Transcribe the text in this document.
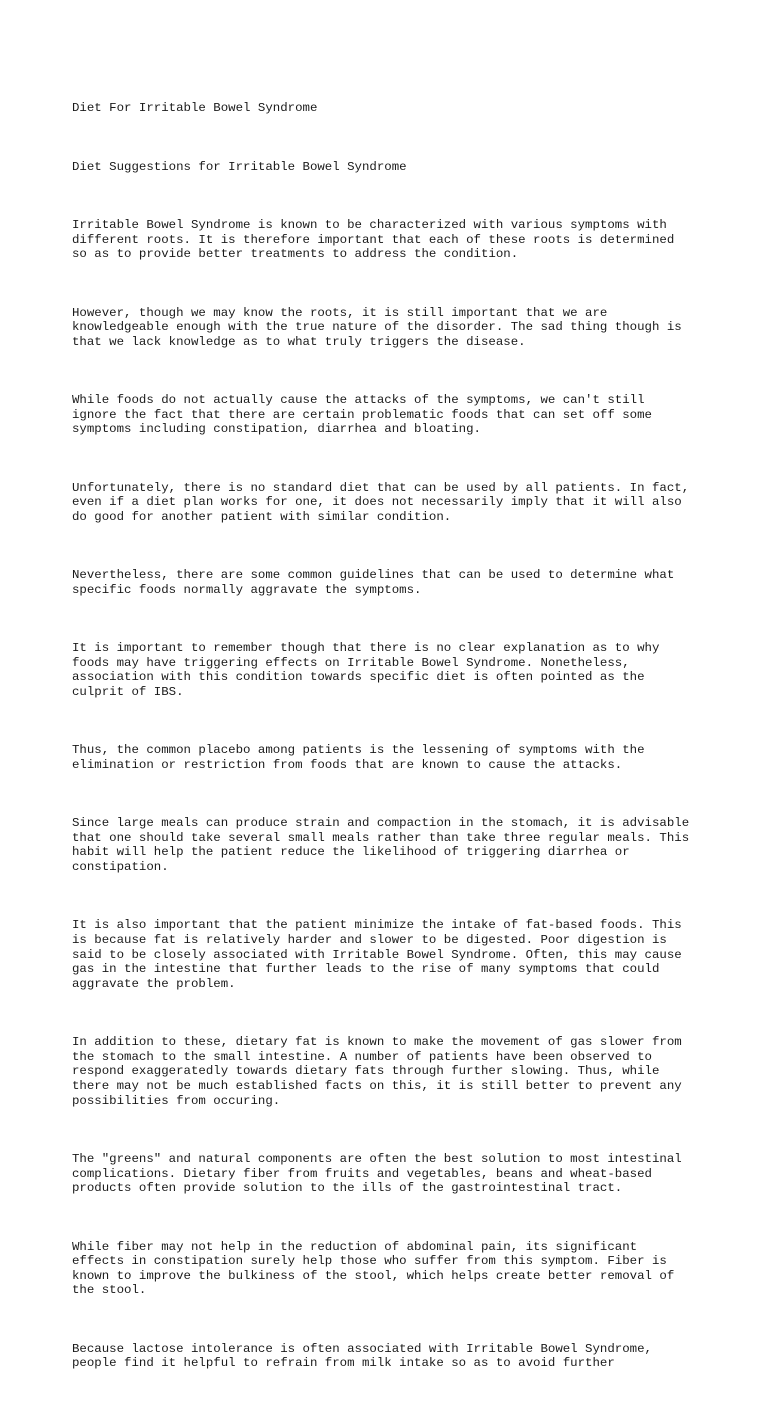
Diet For Irritable Bowel Syndrome

Diet Suggestions for Irritable Bowel Syndrome

Irritable Bowel Syndrome is known to be characterized with various symptoms with
different roots. It is therefore important that each of these roots is determined
so as to provide better treatments to address the condition.

However, though we may know the roots, it is still important that we are
knowledgeable enough with the true nature of the disorder. The sad thing though is
that we lack knowledge as to what truly triggers the disease.

While foods do not actually cause the attacks of the symptoms, we can't still
ignore the fact that there are certain problematic foods that can set off some
symptoms including constipation, diarrhea and bloating.

Unfortunately, there is no standard diet that can be used by all patients. In fact,
even if a diet plan works for one, it does not necessarily imply that it will also
do good for another patient with similar condition.

Nevertheless, there are some common guidelines that can be used to determine what
specific foods normally aggravate the symptoms.

It is important to remember though that there is no clear explanation as to why
foods may have triggering effects on Irritable Bowel Syndrome. Nonetheless,
association with this condition towards specific diet is often pointed as the
culprit of IBS.

Thus, the common placebo among patients is the lessening of symptoms with the
elimination or restriction from foods that are known to cause the attacks.

Since large meals can produce strain and compaction in the stomach, it is advisable
that one should take several small meals rather than take three regular meals. This
habit will help the patient reduce the likelihood of triggering diarrhea or
constipation.

It is also important that the patient minimize the intake of fat-based foods. This
is because fat is relatively harder and slower to be digested. Poor digestion is
said to be closely associated with Irritable Bowel Syndrome. Often, this may cause
gas in the intestine that further leads to the rise of many symptoms that could
aggravate the problem.

In addition to these, dietary fat is known to make the movement of gas slower from
the stomach to the small intestine. A number of patients have been observed to
respond exaggeratedly towards dietary fats through further slowing. Thus, while
there may not be much established facts on this, it is still better to prevent any
possibilities from occuring.

The "greens" and natural components are often the best solution to most intestinal
complications. Dietary fiber from fruits and vegetables, beans and wheat-based
products often provide solution to the ills of the gastrointestinal tract.

While fiber may not help in the reduction of abdominal pain, its significant
effects in constipation surely help those who suffer from this symptom. Fiber is
known to improve the bulkiness of the stool, which helps create better removal of
the stool.

Because lactose intolerance is often associated with Irritable Bowel Syndrome,
people find it helpful to refrain from milk intake so as to avoid further
